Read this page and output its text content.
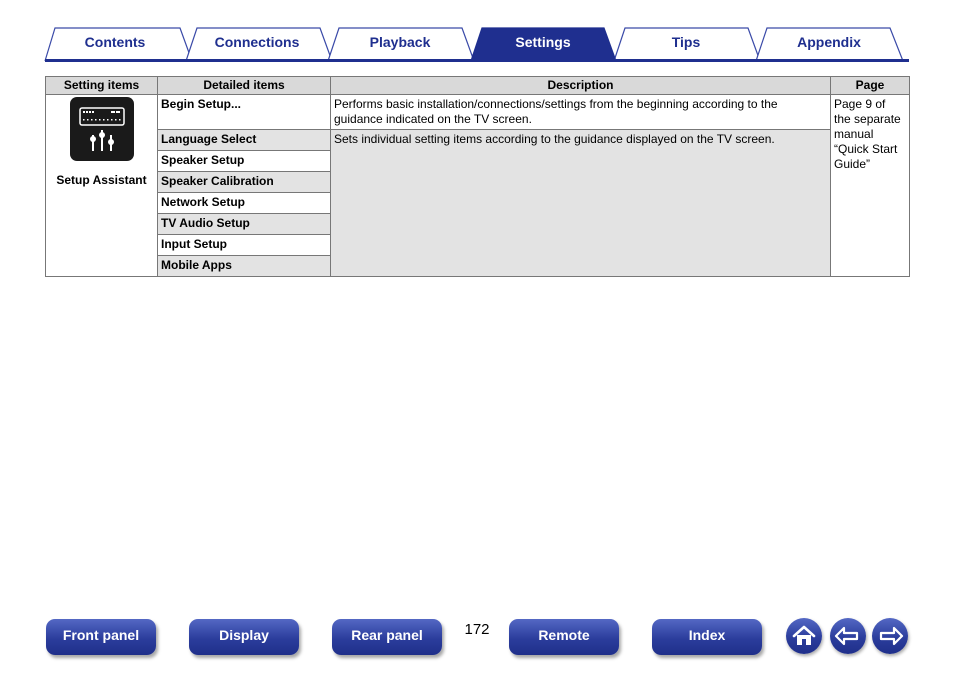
Contents	Connections	Playback	Settings	Tips	Appendix
Setting items	Detailed items	Description	Page

Setup Assistant	Begin Setup...	Performs basic installation/connections/settings from the beginning according to the guidance indicated on the TV screen.	Page 9 of
the separate
manual
“Quick Start
Guide”

	Language Select	Sets individual setting items according to the guidance displayed on the TV screen.	
	Speaker Setup		
	Speaker Calibration		
	Network Setup		
	TV Audio Setup		
	Input Setup		
	Mobile Apps		
Front panel	Display	Rear panel	172	Remote	Index
